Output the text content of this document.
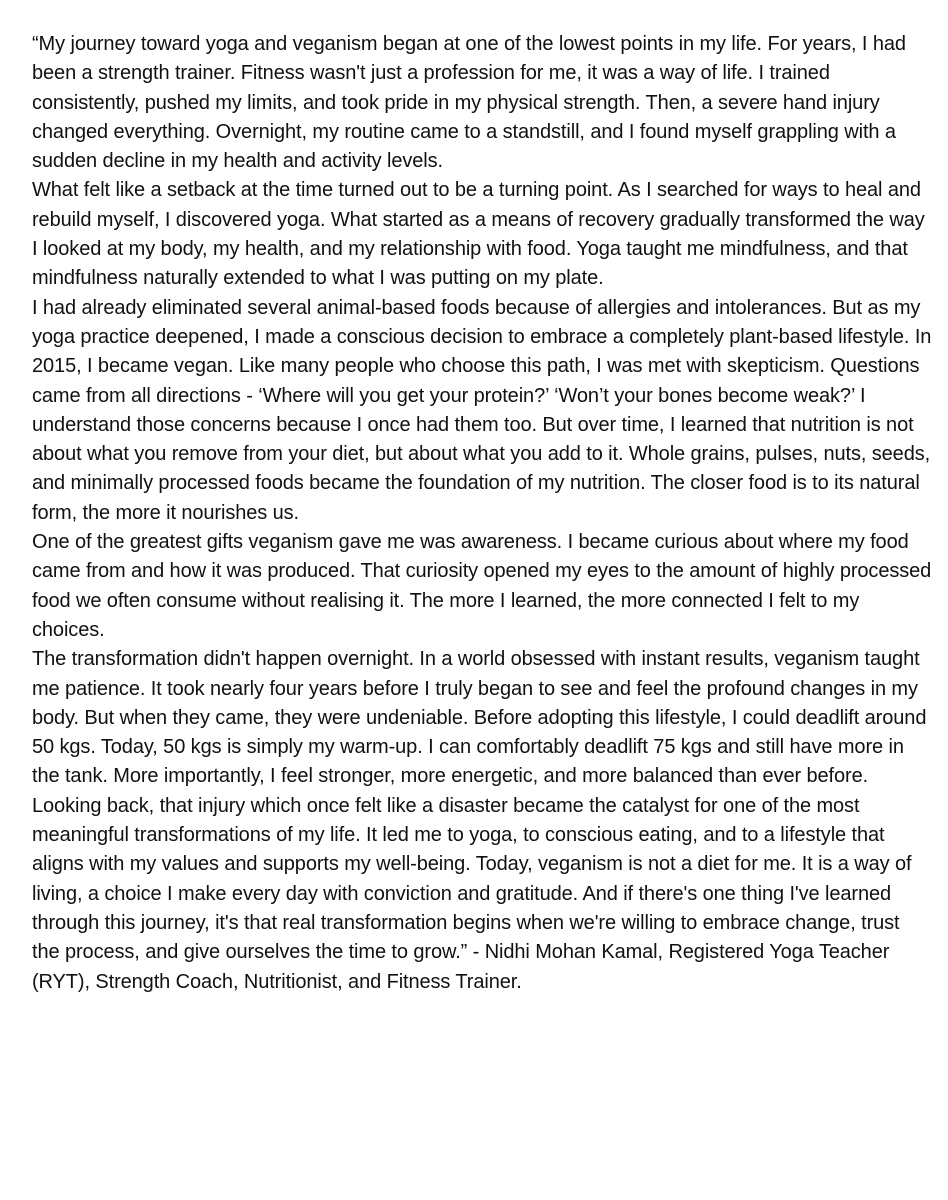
“My journey toward yoga and veganism began at one of the lowest points in my life. For years, I had been a strength trainer. Fitness wasn't just a profession for me, it was a way of life. I trained consistently, pushed my limits, and took pride in my physical strength. Then, a severe hand injury changed everything. Overnight, my routine came to a standstill, and I found myself grappling with a sudden decline in my health and activity levels.

What felt like a setback at the time turned out to be a turning point. As I searched for ways to heal and rebuild myself, I discovered yoga. What started as a means of recovery gradually transformed the way I looked at my body, my health, and my relationship with food. Yoga taught me mindfulness, and that mindfulness naturally extended to what I was putting on my plate.

I had already eliminated several animal-based foods because of allergies and intolerances. But as my yoga practice deepened, I made a conscious decision to embrace a completely plant-based lifestyle. In 2015, I became vegan. Like many people who choose this path, I was met with skepticism. Questions came from all directions - ‘Where will you get your protein?’ ‘Won’t your bones become weak?’ I understand those concerns because I once had them too. But over time, I learned that nutrition is not about what you remove from your diet, but about what you add to it. Whole grains, pulses, nuts, seeds, and minimally processed foods became the foundation of my nutrition. The closer food is to its natural form, the more it nourishes us.

One of the greatest gifts veganism gave me was awareness. I became curious about where my food came from and how it was produced. That curiosity opened my eyes to the amount of highly processed food we often consume without realising it. The more I learned, the more connected I felt to my choices.

The transformation didn't happen overnight. In a world obsessed with instant results, veganism taught me patience. It took nearly four years before I truly began to see and feel the profound changes in my body. But when they came, they were undeniable. Before adopting this lifestyle, I could deadlift around 50 kgs. Today, 50 kgs is simply my warm-up. I can comfortably deadlift 75 kgs and still have more in the tank. More importantly, I feel stronger, more energetic, and more balanced than ever before.

Looking back, that injury which once felt like a disaster became the catalyst for one of the most meaningful transformations of my life. It led me to yoga, to conscious eating, and to a lifestyle that aligns with my values and supports my well-being. Today, veganism is not a diet for me. It is a way of living, a choice I make every day with conviction and gratitude. And if there's one thing I've learned through this journey, it's that real transformation begins when we're willing to embrace change, trust the process, and give ourselves the time to grow.” - Nidhi Mohan Kamal, Registered Yoga Teacher (RYT), Strength Coach, Nutritionist, and Fitness Trainer.
